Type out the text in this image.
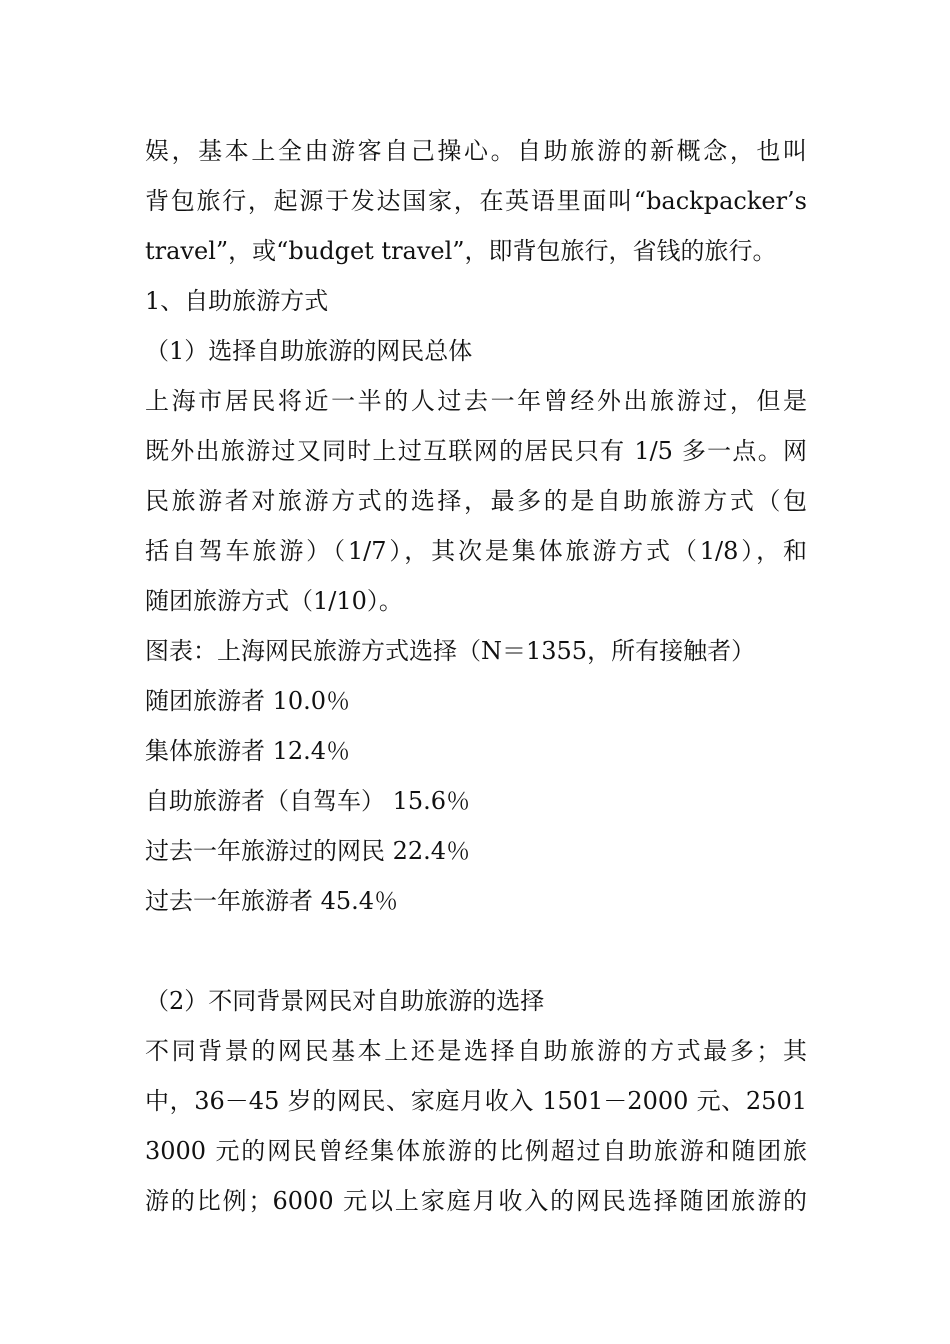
娱，基本上全由游客自己操心。自助旅游的新概念，也叫
背包旅行，起源于发达国家，在英语里面叫“backpacker’s
travel”，或“budget travel”，即背包旅行，省钱的旅行。
1、自助旅游方式
（1）选择自助旅游的网民总体
上海市居民将近一半的人过去一年曾经外出旅游过，但是
既外出旅游过又同时上过互联网的居民只有 1/5 多一点。网
民旅游者对旅游方式的选择，最多的是自助旅游方式（包
括自驾车旅游）（1/7），其次是集体旅游方式（1/8），和
随团旅游方式（1/10）。
图表：上海网民旅游方式选择（N＝1355，所有接触者）
随团旅游者 10.0％
集体旅游者 12.4％
自助旅游者（自驾车） 15.6％
过去一年旅游过的网民 22.4％
过去一年旅游者 45.4％
（2）不同背景网民对自助旅游的选择
不同背景的网民基本上还是选择自助旅游的方式最多；其
中，36－45 岁的网民、家庭月收入 1501－2000 元、2501
3000 元的网民曾经集体旅游的比例超过自助旅游和随团旅
游的比例；6000 元以上家庭月收入的网民选择随团旅游的
